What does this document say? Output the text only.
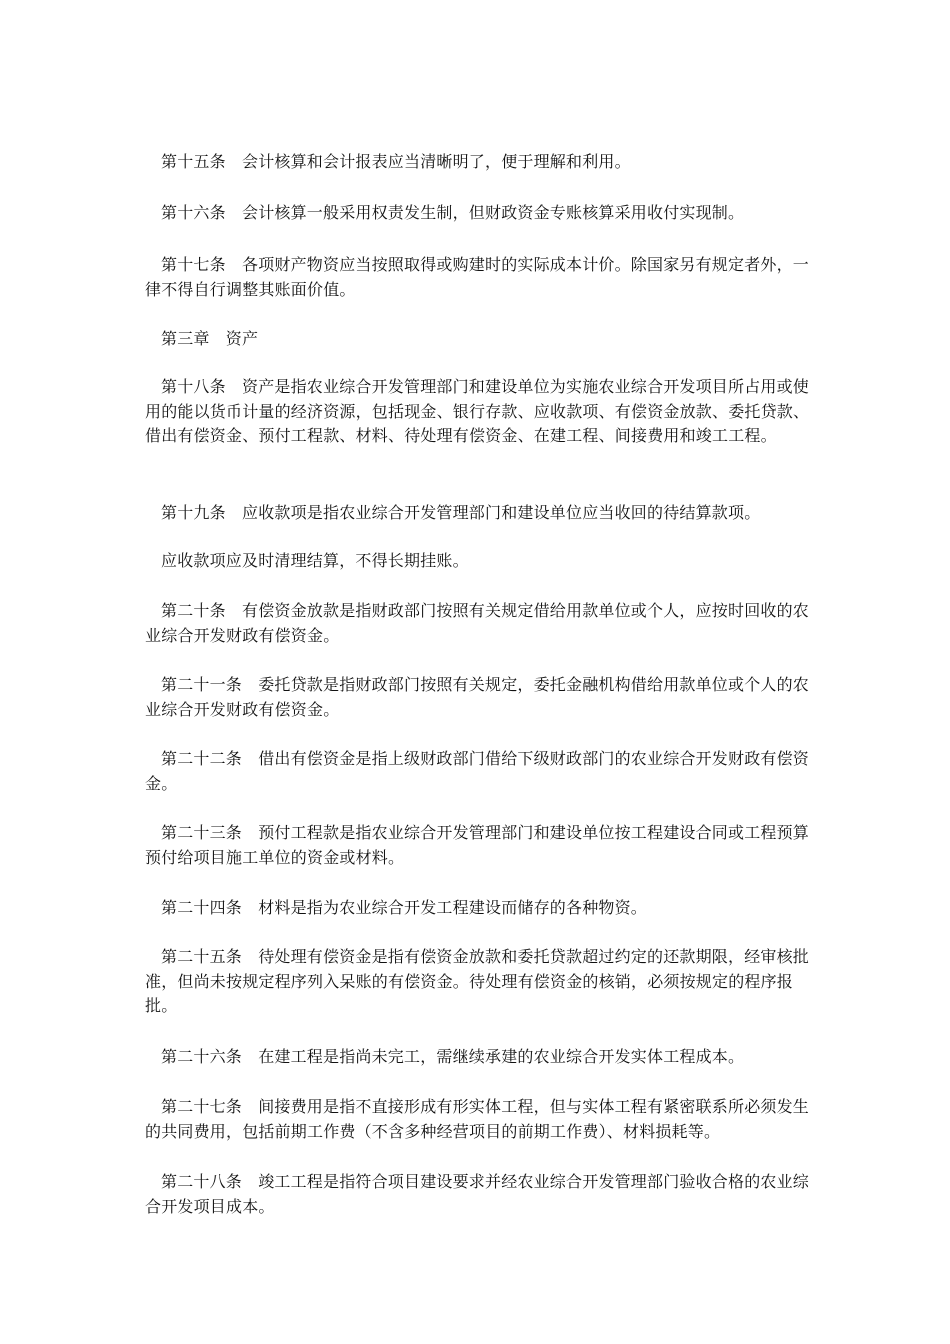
第十五条　会计核算和会计报表应当清晰明了，便于理解和利用。

第十六条　会计核算一般采用权责发生制，但财政资金专账核算采用收付实现制。

第十七条　各项财产物资应当按照取得或购建时的实际成本计价。除国家另有规定者外，一律不得自行调整其账面价值。

第三章　资产

第十八条　资产是指农业综合开发管理部门和建设单位为实施农业综合开发项目所占用或使用的能以货币计量的经济资源，包括现金、银行存款、应收款项、有偿资金放款、委托贷款、借出有偿资金、预付工程款、材料、待处理有偿资金、在建工程、间接费用和竣工工程。

第十九条　应收款项是指农业综合开发管理部门和建设单位应当收回的待结算款项。

应收款项应及时清理结算，不得长期挂账。

第二十条　有偿资金放款是指财政部门按照有关规定借给用款单位或个人，应按时回收的农业综合开发财政有偿资金。

第二十一条　委托贷款是指财政部门按照有关规定，委托金融机构借给用款单位或个人的农业综合开发财政有偿资金。

第二十二条　借出有偿资金是指上级财政部门借给下级财政部门的农业综合开发财政有偿资金。

第二十三条　预付工程款是指农业综合开发管理部门和建设单位按工程建设合同或工程预算预付给项目施工单位的资金或材料。

第二十四条　材料是指为农业综合开发工程建设而储存的各种物资。

第二十五条　待处理有偿资金是指有偿资金放款和委托贷款超过约定的还款期限，经审核批准，但尚未按规定程序列入呆账的有偿资金。待处理有偿资金的核销，必须按规定的程序报批。

第二十六条　在建工程是指尚未完工，需继续承建的农业综合开发实体工程成本。

第二十七条　间接费用是指不直接形成有形实体工程，但与实体工程有紧密联系所必须发生的共同费用，包括前期工作费（不含多种经营项目的前期工作费）、材料损耗等。

第二十八条　竣工工程是指符合项目建设要求并经农业综合开发管理部门验收合格的农业综合开发项目成本。
